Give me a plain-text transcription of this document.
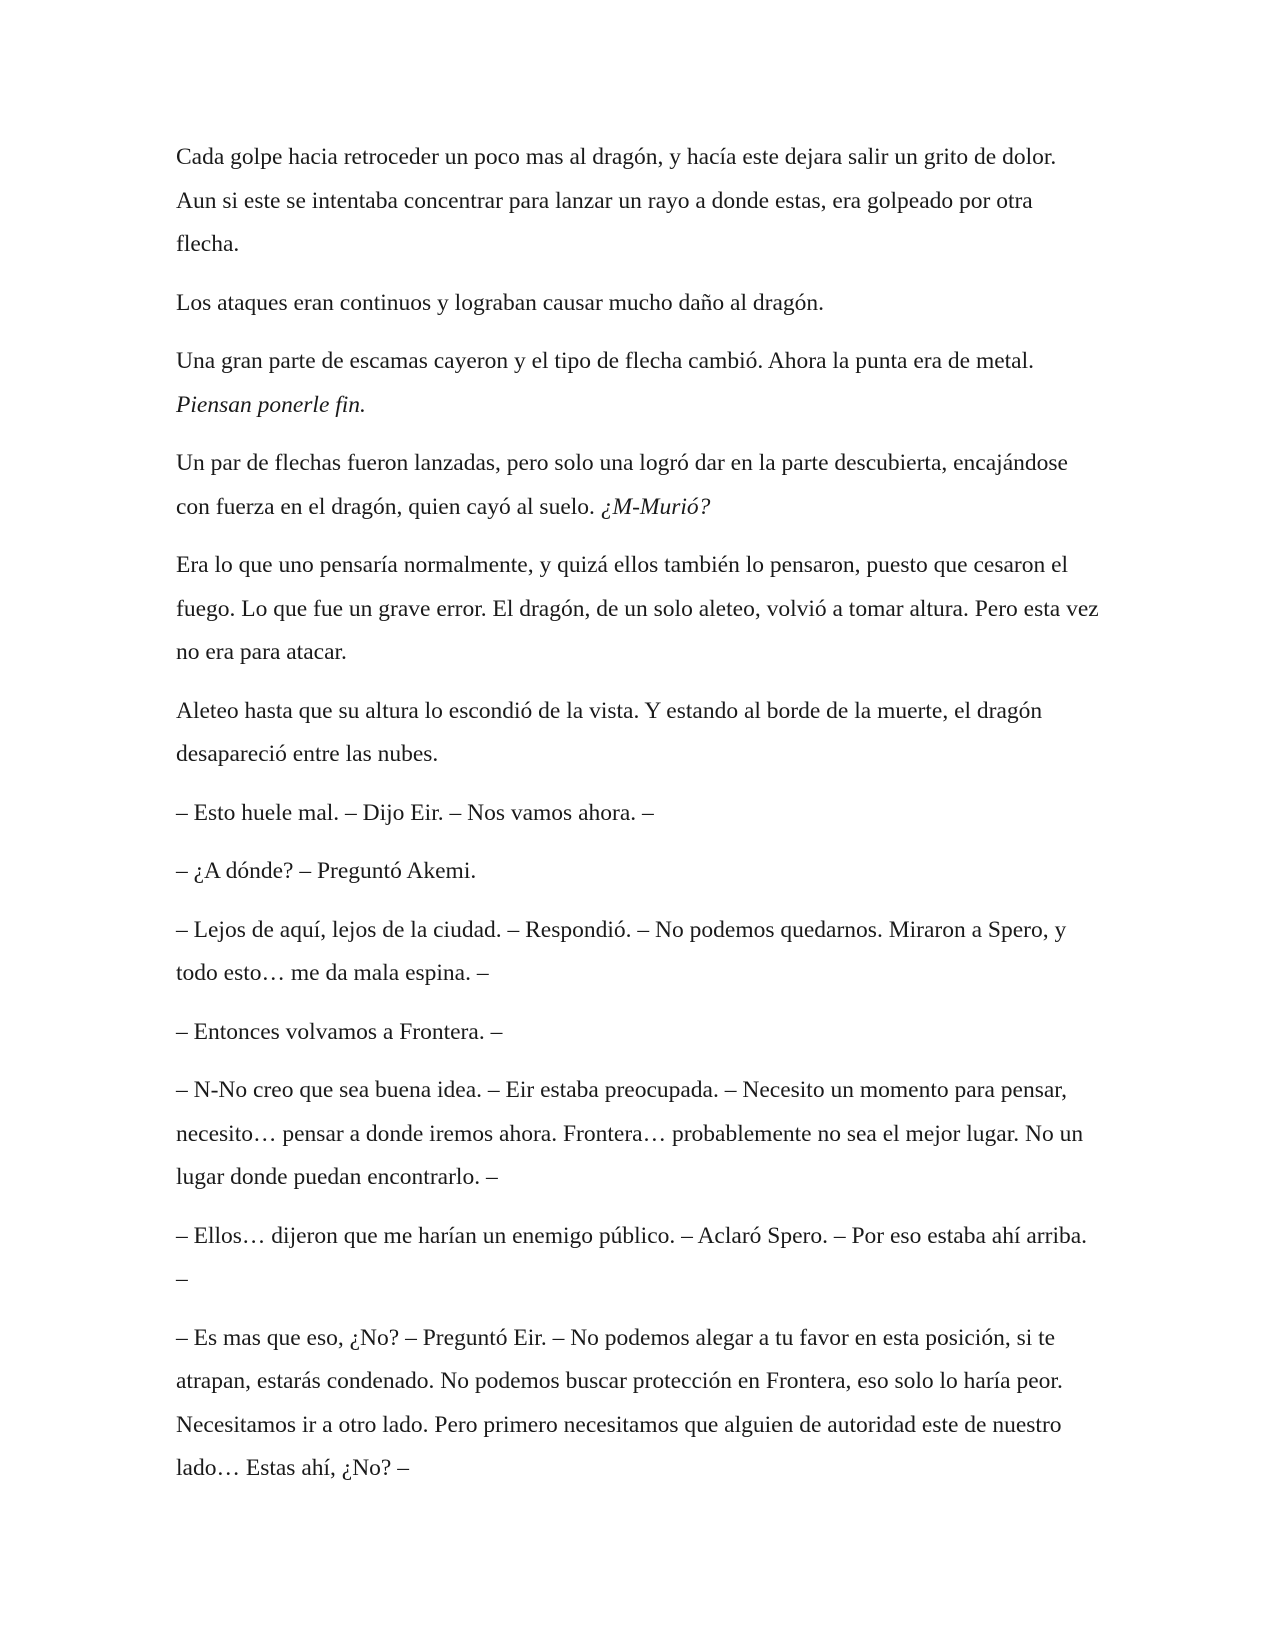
Cada golpe hacia retroceder un poco mas al dragón, y hacía este dejara salir un grito de dolor. Aun si este se intentaba concentrar para lanzar un rayo a donde estas, era golpeado por otra flecha.

Los ataques eran continuos y lograban causar mucho daño al dragón.

Una gran parte de escamas cayeron y el tipo de flecha cambió. Ahora la punta era de metal. Piensan ponerle fin.

Un par de flechas fueron lanzadas, pero solo una logró dar en la parte descubierta, encajándose con fuerza en el dragón, quien cayó al suelo. ¿M-Murió?

Era lo que uno pensaría normalmente, y quizá ellos también lo pensaron, puesto que cesaron el fuego. Lo que fue un grave error. El dragón, de un solo aleteo, volvió a tomar altura. Pero esta vez no era para atacar.

Aleteo hasta que su altura lo escondió de la vista. Y estando al borde de la muerte, el dragón desapareció entre las nubes.

– Esto huele mal. – Dijo Eir. – Nos vamos ahora. –

– ¿A dónde? – Preguntó Akemi.

– Lejos de aquí, lejos de la ciudad. – Respondió. – No podemos quedarnos. Miraron a Spero, y todo esto… me da mala espina. –

– Entonces volvamos a Frontera. –

– N-No creo que sea buena idea. – Eir estaba preocupada. – Necesito un momento para pensar, necesito… pensar a donde iremos ahora. Frontera… probablemente no sea el mejor lugar. No un lugar donde puedan encontrarlo. –

– Ellos… dijeron que me harían un enemigo público. – Aclaró Spero. – Por eso estaba ahí arriba. –

– Es mas que eso, ¿No? – Preguntó Eir. – No podemos alegar a tu favor en esta posición, si te atrapan, estarás condenado. No podemos buscar protección en Frontera, eso solo lo haría peor. Necesitamos ir a otro lado. Pero primero necesitamos que alguien de autoridad este de nuestro lado… Estas ahí, ¿No? –
